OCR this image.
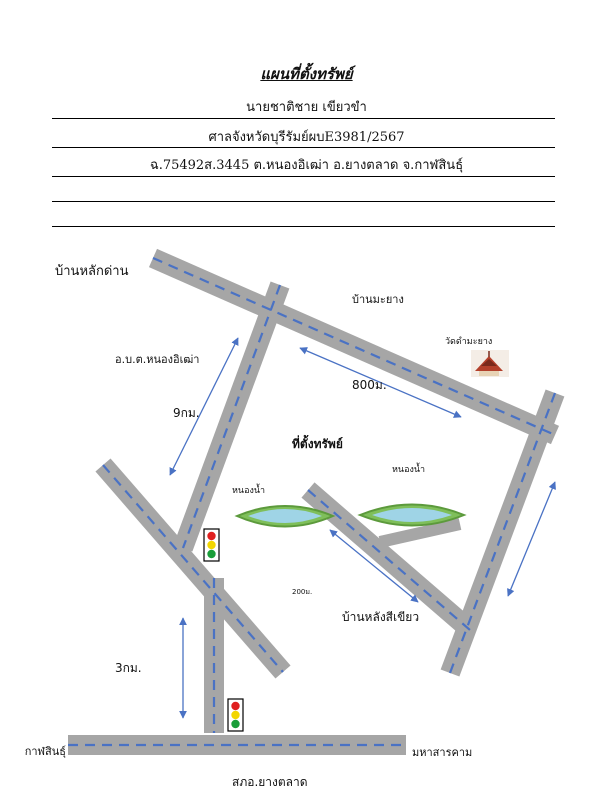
แผนที่ตั้งทรัพย์
นายชาติชาย เขียวขำ
ศาลจังหวัดบุรีรัมย์ผบE3981/2567
ฉ.75492ส.3445 ต.หนองอิเฒ่า อ.ยางตลาด จ.กาฬสินธุ์
บ้านหลักด่าน
บ้านมะยาง
วัดดำมะยาง
อ.บ.ต.หนองอิเฒ่า
800ม.
9กม.
ที่ตั้งทรัพย์
หนองน้ำ
หนองน้ำ
200ม.
บ้านหลังสีเขียว
3กม.
กาฬสินธุ์	มหาสารคาม
สภอ.ยางตลาด
